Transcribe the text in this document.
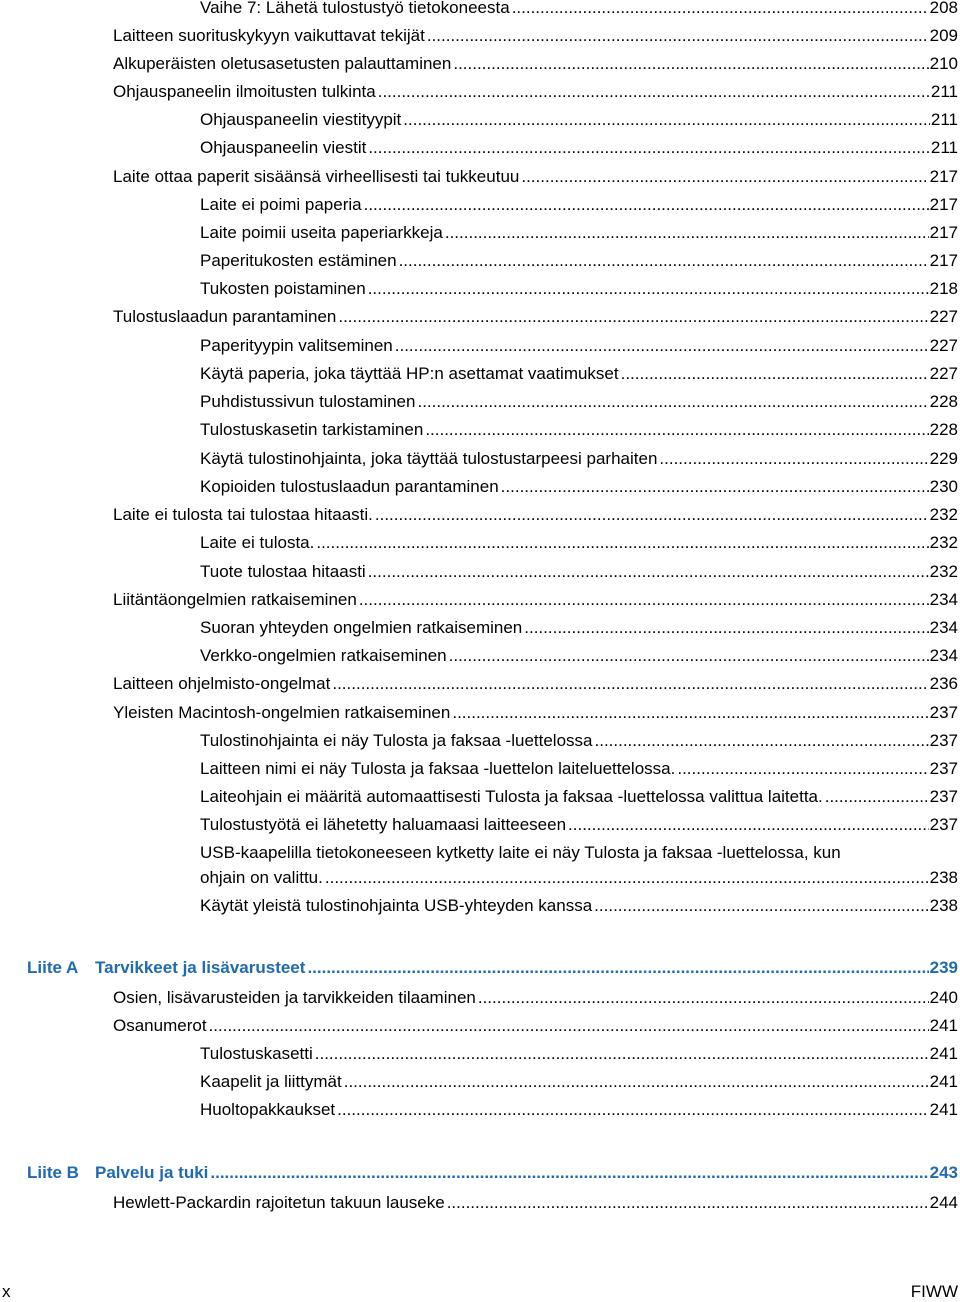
Vaihe 7: Lähetä tulostustyö tietokoneesta .....	208
Laitteen suorituskykyyn vaikuttavat tekijät .....	209
Alkuperäisten oletusasetusten palauttaminen .....	210
Ohjauspaneelin ilmoitusten tulkinta .....	211
Ohjauspaneelin viestityypit .....	211
Ohjauspaneelin viestit .....	211
Laite ottaa paperit sisäänsä virheellisesti tai tukkeutuu .....	217
Laite ei poimi paperia .....	217
Laite poimii useita paperiarkkeja .....	217
Paperitukosten estäminen .....	217
Tukosten poistaminen .....	218
Tulostuslaadun parantaminen .....	227
Paperityypin valitseminen .....	227
Käytä paperia, joka täyttää HP:n asettamat vaatimukset .....	227
Puhdistussivun tulostaminen .....	228
Tulostuskasetin tarkistaminen .....	228
Käytä tulostinohjainta, joka täyttää tulostustarpeesi parhaiten .....	229
Kopioiden tulostuslaadun parantaminen .....	230
Laite ei tulosta tai tulostaa hitaasti. .....	232
Laite ei tulosta. .....	232
Tuote tulostaa hitaasti .....	232
Liitäntäongelmien ratkaiseminen .....	234
Suoran yhteyden ongelmien ratkaiseminen .....	234
Verkko-ongelmien ratkaiseminen .....	234
Laitteen ohjelmisto-ongelmat .....	236
Yleisten Macintosh-ongelmien ratkaiseminen .....	237
Tulostinohjainta ei näy Tulosta ja faksaa -luettelossa .....	237
Laitteen nimi ei näy Tulosta ja faksaa -luettelon laiteluettelossa. .....	237
Laiteohjain ei määritä automaattisesti Tulosta ja faksaa -luettelossa valittua laitetta. .....	237
Tulostustyötä ei lähetetty haluamaasi laitteeseen .....	237
USB-kaapelilla tietokoneeseen kytketty laite ei näy Tulosta ja faksaa -luettelossa, kun
ohjain on valittu. .....	238
Käytät yleistä tulostinohjainta USB-yhteyden kanssa .....	238
Liite A Tarvikkeet ja lisävarusteet .....	239
Osien, lisävarusteiden ja tarvikkeiden tilaaminen .....	240
Osanumerot .....	241
Tulostuskasetti .....	241
Kaapelit ja liittymät .....	241
Huoltopakkaukset .....	241
Liite B Palvelu ja tuki .....	243
Hewlett-Packardin rajoitetun takuun lauseke .....	244
x	FIWW
